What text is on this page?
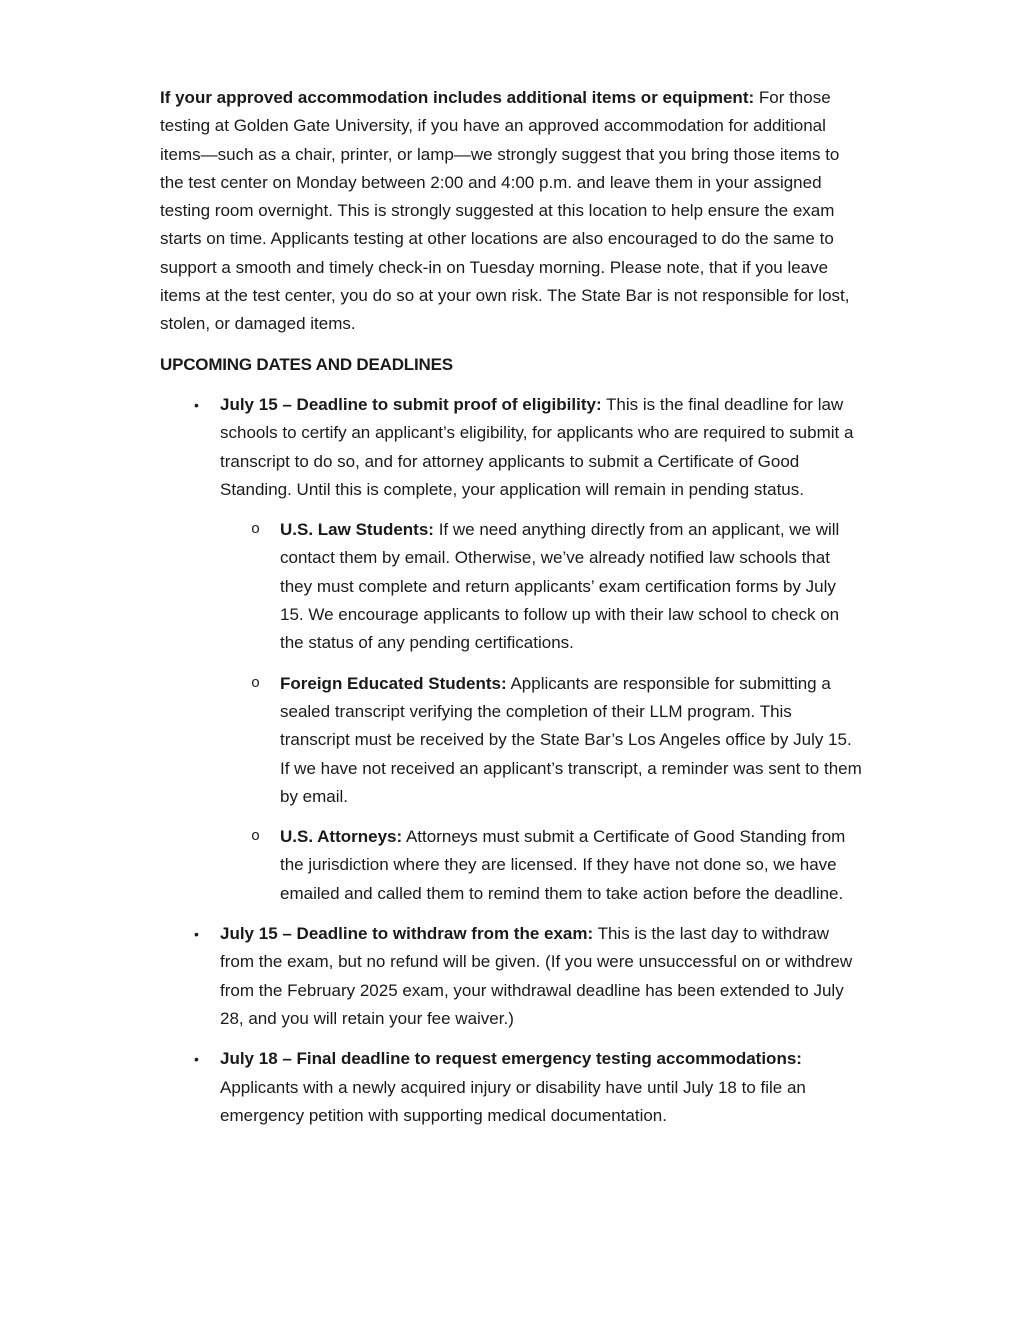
If your approved accommodation includes additional items or equipment: For those testing at Golden Gate University, if you have an approved accommodation for additional items—such as a chair, printer, or lamp—we strongly suggest that you bring those items to the test center on Monday between 2:00 and 4:00 p.m. and leave them in your assigned testing room overnight. This is strongly suggested at this location to help ensure the exam starts on time. Applicants testing at other locations are also encouraged to do the same to support a smooth and timely check-in on Tuesday morning. Please note, that if you leave items at the test center, you do so at your own risk. The State Bar is not responsible for lost, stolen, or damaged items.

UPCOMING DATES AND DEADLINES

• July 15 – Deadline to submit proof of eligibility: This is the final deadline for law schools to certify an applicant’s eligibility, for applicants who are required to submit a transcript to do so, and for attorney applicants to submit a Certificate of Good Standing. Until this is complete, your application will remain in pending status.
o U.S. Law Students: If we need anything directly from an applicant, we will contact them by email. Otherwise, we’ve already notified law schools that they must complete and return applicants’ exam certification forms by July 15. We encourage applicants to follow up with their law school to check on the status of any pending certifications.
o Foreign Educated Students: Applicants are responsible for submitting a sealed transcript verifying the completion of their LLM program. This transcript must be received by the State Bar’s Los Angeles office by July 15. If we have not received an applicant’s transcript, a reminder was sent to them by email.
o U.S. Attorneys: Attorneys must submit a Certificate of Good Standing from the jurisdiction where they are licensed. If they have not done so, we have emailed and called them to remind them to take action before the deadline.
• July 15 – Deadline to withdraw from the exam: This is the last day to withdraw from the exam, but no refund will be given. (If you were unsuccessful on or withdrew from the February 2025 exam, your withdrawal deadline has been extended to July 28, and you will retain your fee waiver.)
• July 18 – Final deadline to request emergency testing accommodations: Applicants with a newly acquired injury or disability have until July 18 to file an emergency petition with supporting medical documentation.
